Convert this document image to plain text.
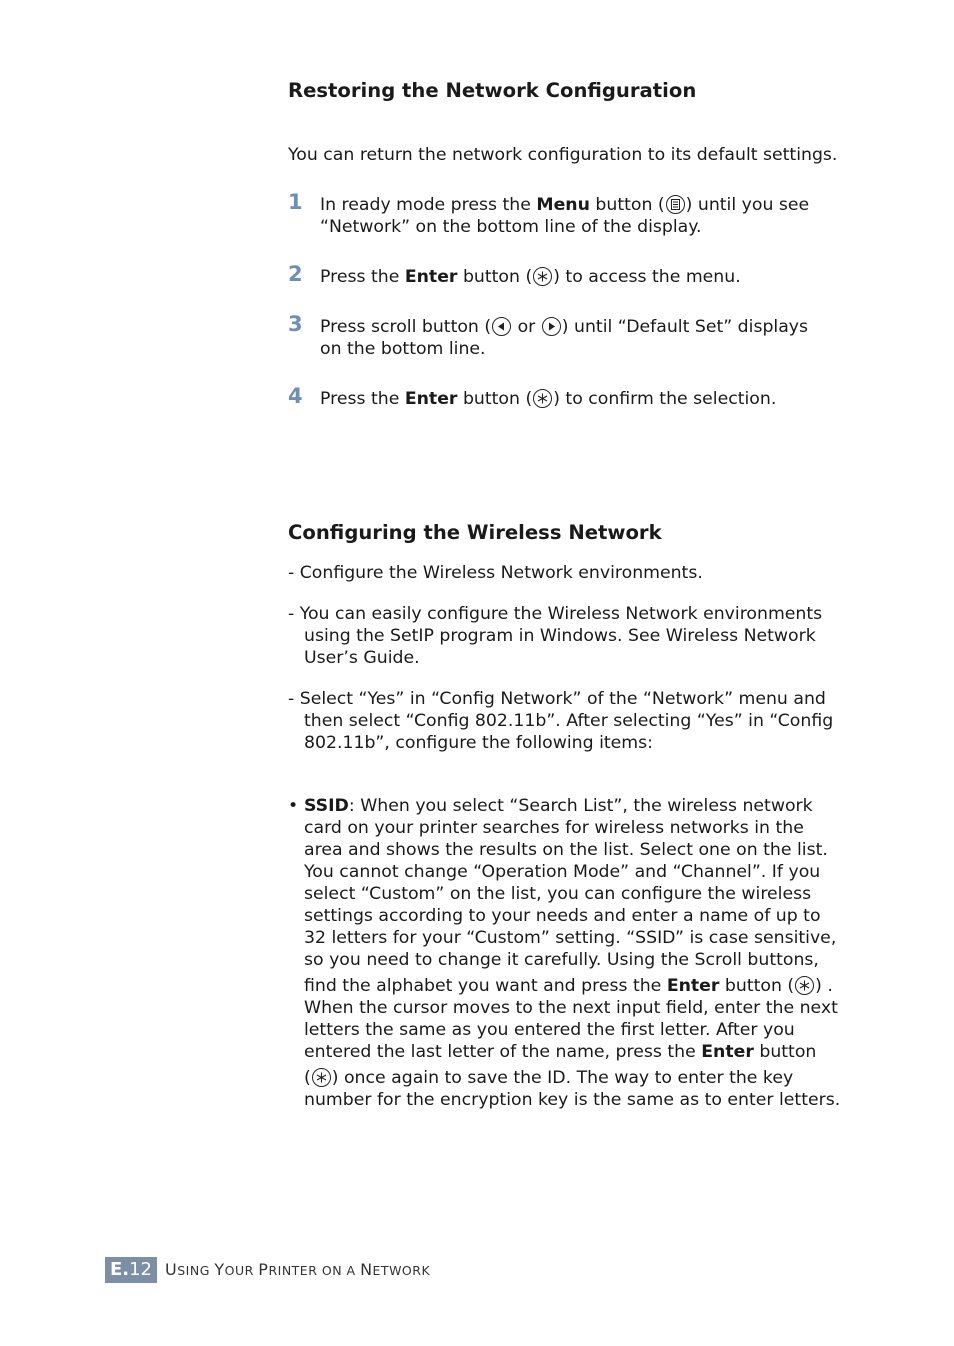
Restoring the Network Configuration
You can return the network configuration to its default settings.
1 In ready mode press the Menu button ( ) until you see
“Network” on the bottom line of the display.
2 Press the Enter button ( ) to access the menu.
3 Press scroll button (
or
) until “Default Set” displays
on the bottom line.
4 Press the Enter button ( ) to confirm the selection.
Configuring the Wireless Network
- Configure the Wireless Network environments.
- You can easily configure the Wireless Network environments
using the SetIP program in Windows. See Wireless Network
User’s Guide.
- Select “Yes” in “Config Network” of the “Network” menu and
then select “Config 802.11b”. After selecting “Yes” in “Config
802.11b”, configure the following items:
• SSID: When you select “Search List”, the wireless network
card on your printer searches for wireless networks in the
area and shows the results on the list. Select one on the list.
You cannot change “Operation Mode” and “Channel”. If you
select “Custom” on the list, you can configure the wireless
settings according to your needs and enter a name of up to
32 letters for your “Custom” setting. “SSID” is case sensitive,
so you need to change it carefully. Using the Scroll buttons,
find the alphabet you want and press the Enter button ( ) .
When the cursor moves to the next input field, enter the next
letters the same as you entered the first letter. After you
entered the last letter of the name, press the Enter button
( ) once again to save the ID. The way to enter the key
number for the encryption key is the same as to enter letters.
E.12 USING YOUR PRINTER ON A NETWORK
